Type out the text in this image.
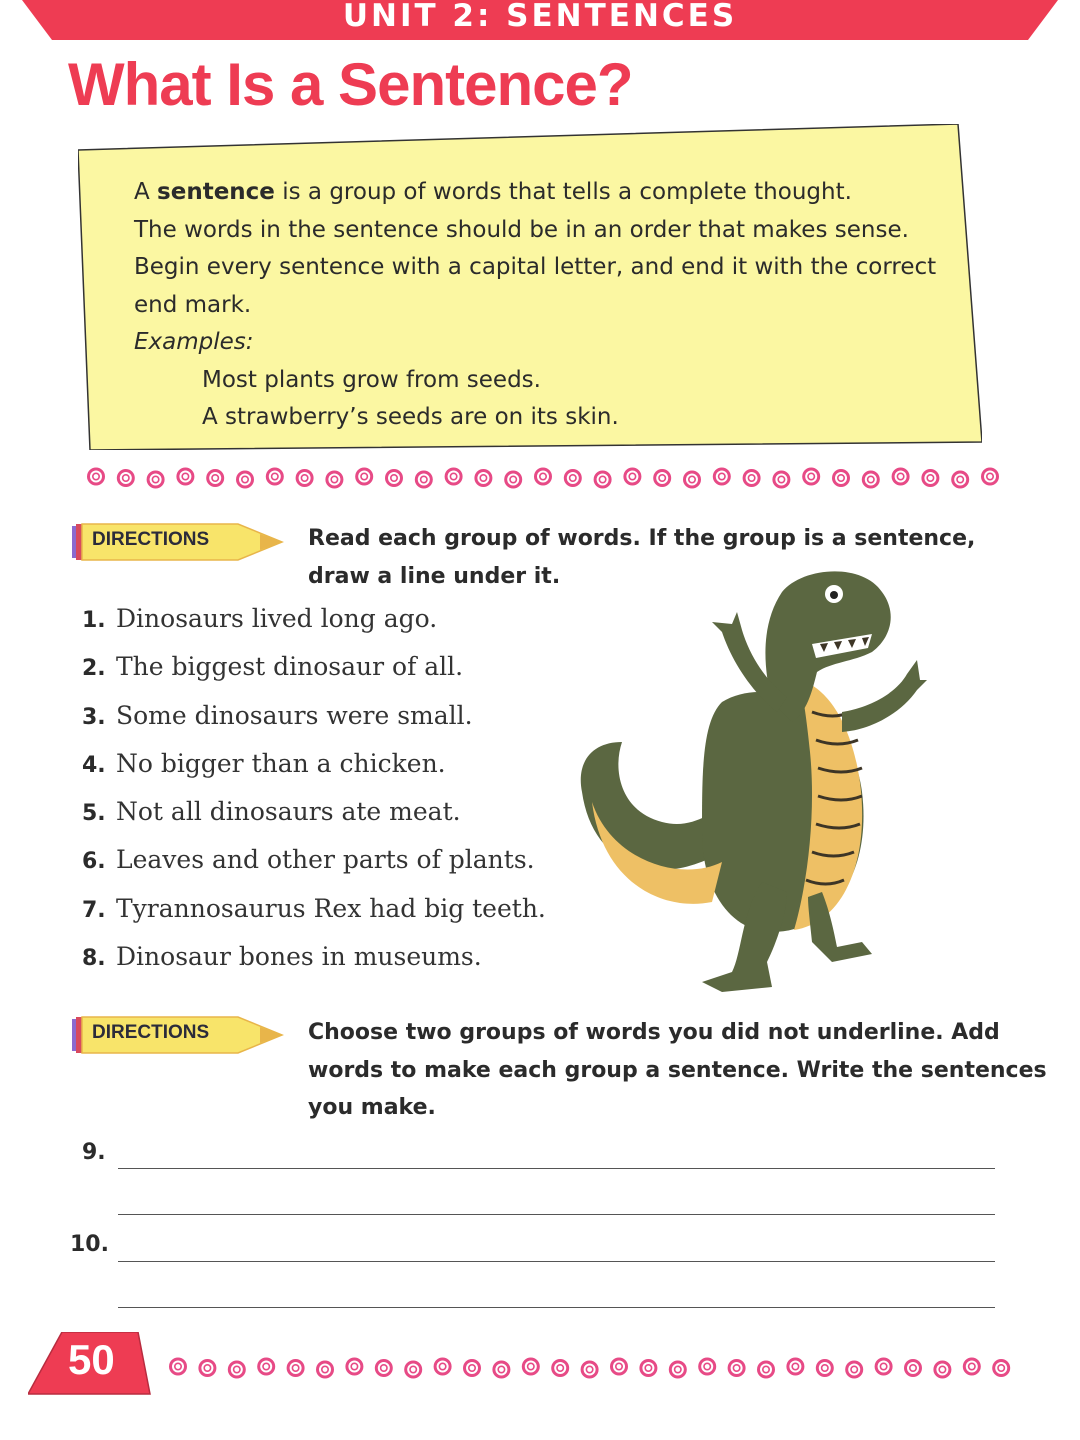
UNIT 2: SENTENCES
What Is a Sentence?

A sentence is a group of words that tells a complete thought.

The words in the sentence should be in an order that makes sense.

Begin every sentence with a capital letter, and end it with the correct end mark.

Examples:

Most plants grow from seeds.

A strawberry’s seeds are on its skin.

DIRECTIONS	Read each group of words. If the group is a sentence,
draw a line under it.

1. Dinosaurs lived long ago.
2. The biggest dinosaur of all.
3. Some dinosaurs were small.
4. No bigger than a chicken.
5. Not all dinosaurs ate meat.
6. Leaves and other parts of plants.
7. Tyrannosaurus Rex had big teeth.
8. Dinosaur bones in museums.
DIRECTIONS	Choose two groups of words you did not underline. Add
words to make each group a sentence. Write the sentences
you make.

9.
10.
50
